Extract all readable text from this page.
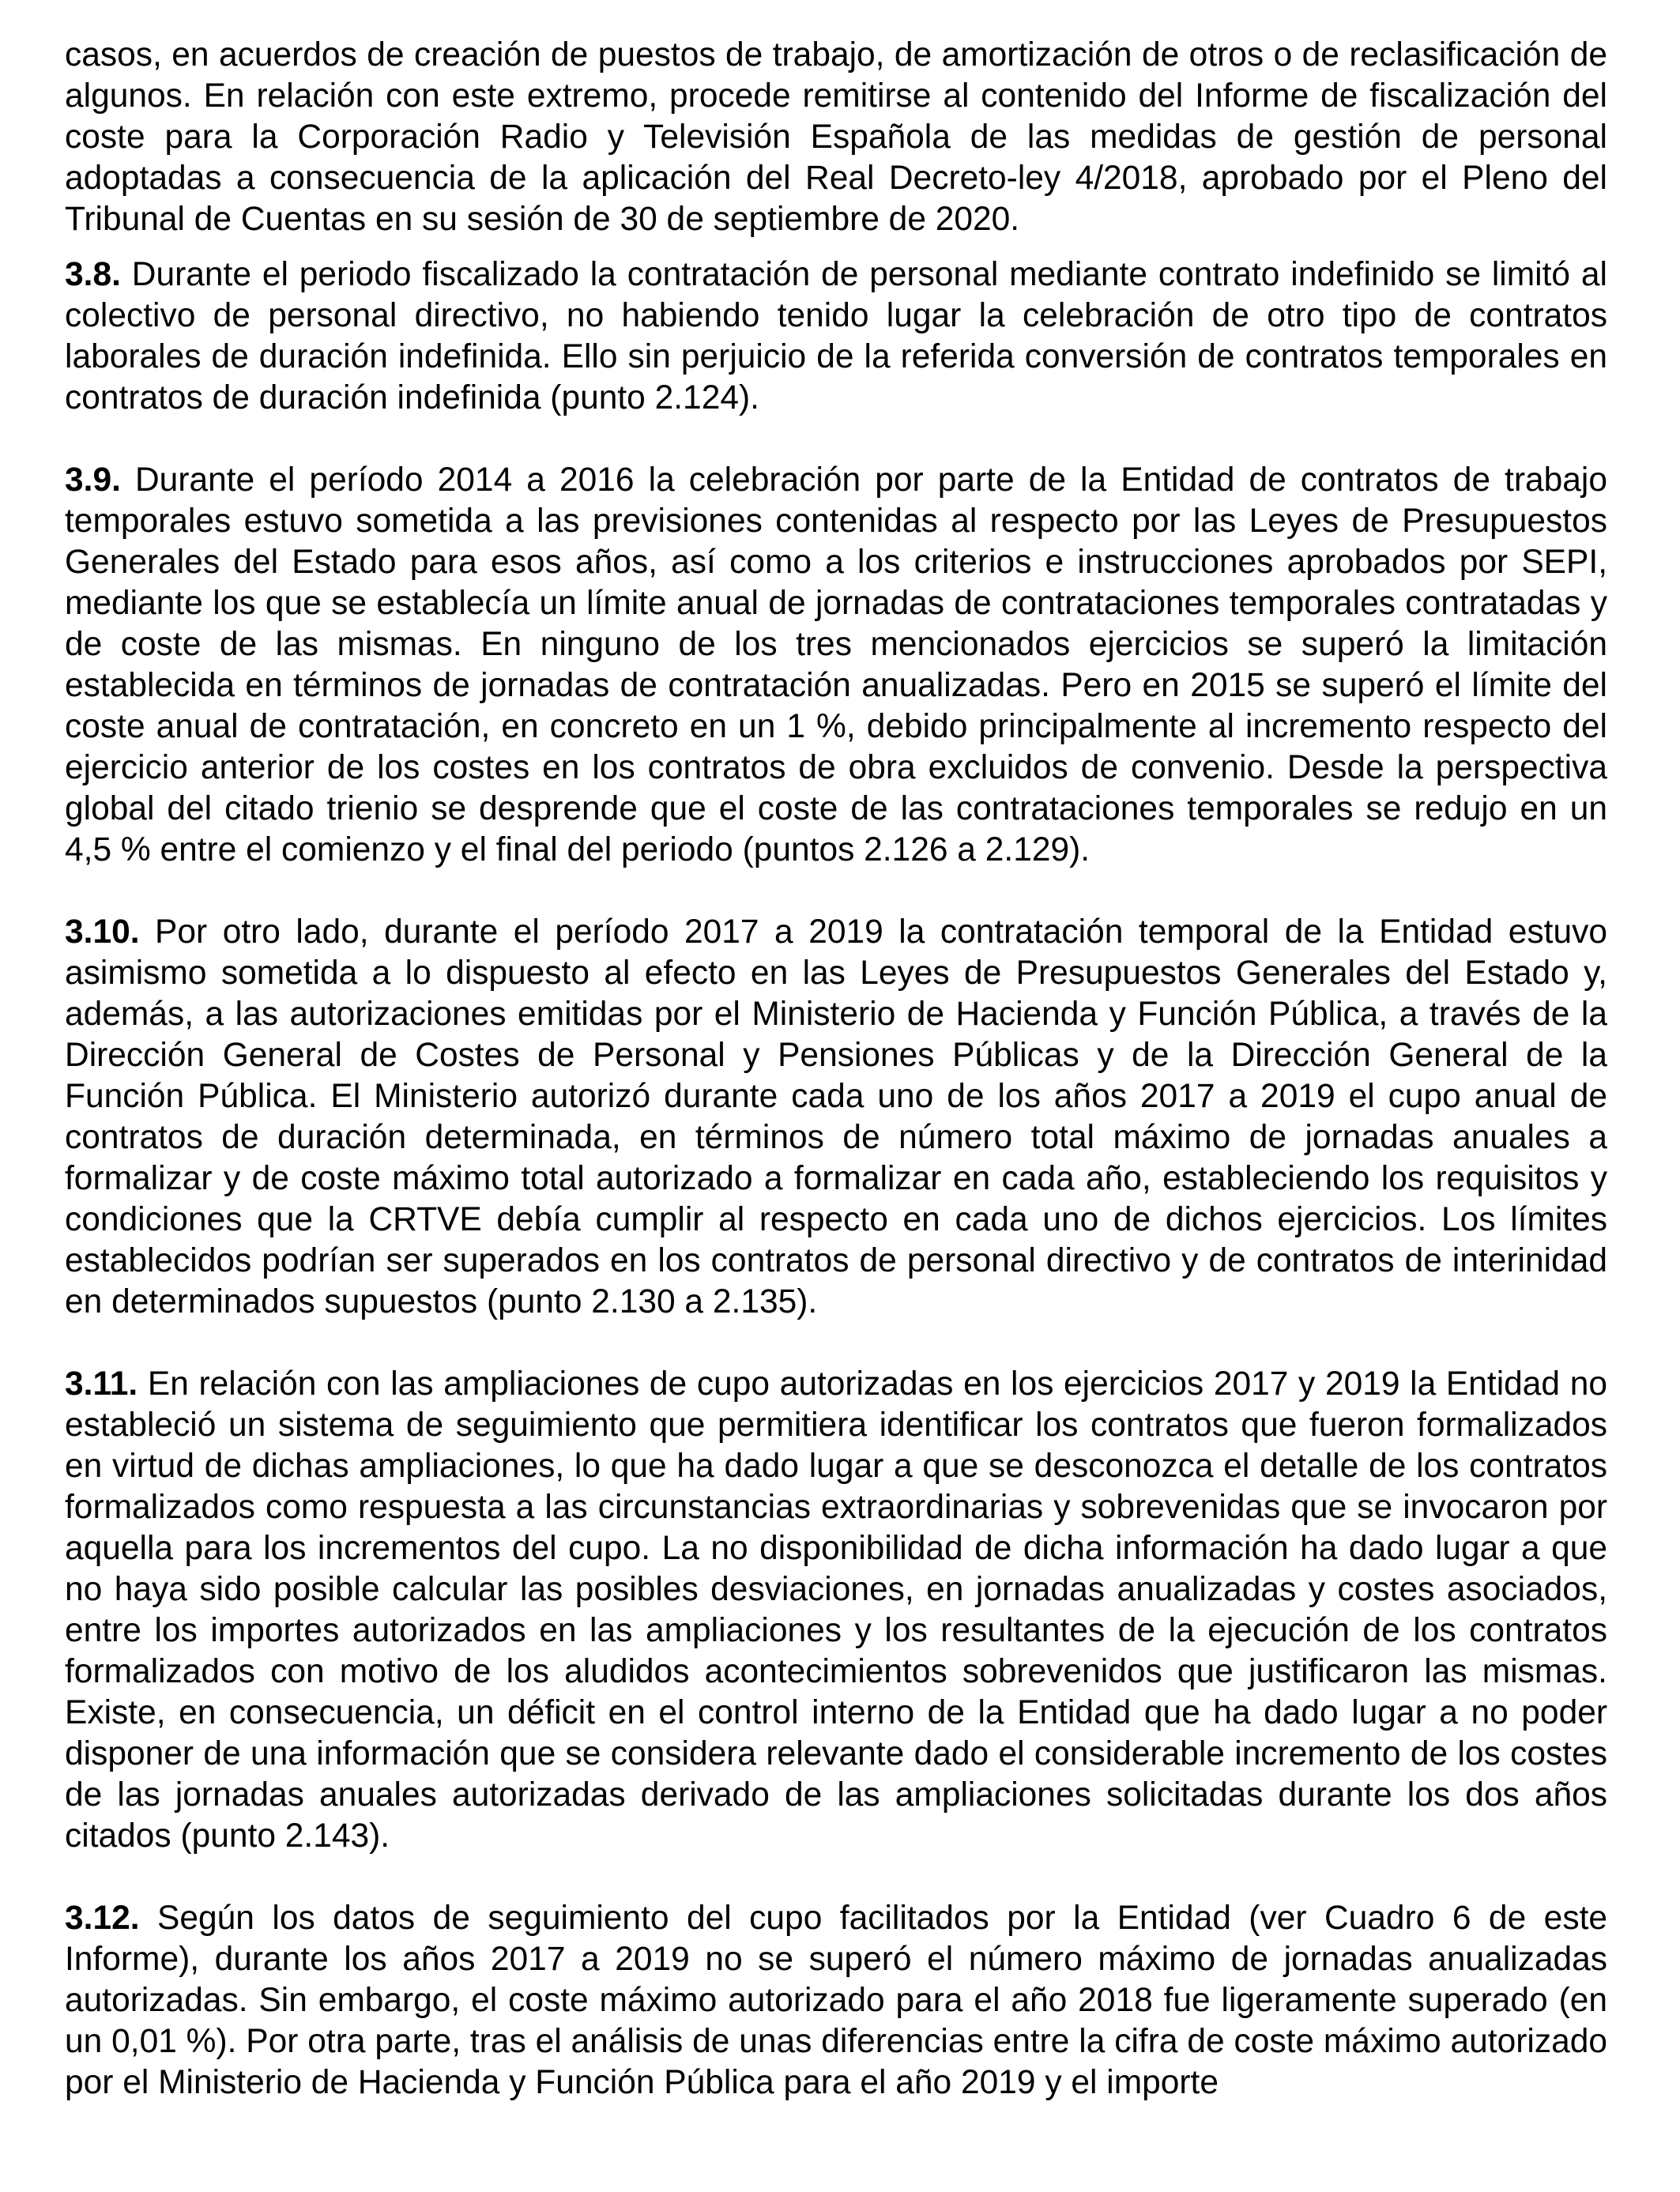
casos, en acuerdos de creación de puestos de trabajo, de amortización de otros o de reclasificación de algunos. En relación con este extremo, procede remitirse al contenido del Informe de fiscalización del coste para la Corporación Radio y Televisión Española de las medidas de gestión de personal adoptadas a consecuencia de la aplicación del Real Decreto-ley 4/2018, aprobado por el Pleno del Tribunal de Cuentas en su sesión de 30 de septiembre de 2020.

3.8. Durante el periodo fiscalizado la contratación de personal mediante contrato indefinido se limitó al colectivo de personal directivo, no habiendo tenido lugar la celebración de otro tipo de contratos laborales de duración indefinida. Ello sin perjuicio de la referida conversión de contratos temporales en contratos de duración indefinida (punto 2.124).

3.9. Durante el período 2014 a 2016 la celebración por parte de la Entidad de contratos de trabajo temporales estuvo sometida a las previsiones contenidas al respecto por las Leyes de Presupuestos Generales del Estado para esos años, así como a los criterios e instrucciones aprobados por SEPI, mediante los que se establecía un límite anual de jornadas de contrataciones temporales contratadas y de coste de las mismas. En ninguno de los tres mencionados ejercicios se superó la limitación establecida en términos de jornadas de contratación anualizadas. Pero en 2015 se superó el límite del coste anual de contratación, en concreto en un 1 %, debido principalmente al incremento respecto del ejercicio anterior de los costes en los contratos de obra excluidos de convenio. Desde la perspectiva global del citado trienio se desprende que el coste de las contrataciones temporales se redujo en un 4,5 % entre el comienzo y el final del periodo (puntos 2.126 a 2.129).

3.10. Por otro lado, durante el período 2017 a 2019 la contratación temporal de la Entidad estuvo asimismo sometida a lo dispuesto al efecto en las Leyes de Presupuestos Generales del Estado y, además, a las autorizaciones emitidas por el Ministerio de Hacienda y Función Pública, a través de la Dirección General de Costes de Personal y Pensiones Públicas y de la Dirección General de la Función Pública. El Ministerio autorizó durante cada uno de los años 2017 a 2019 el cupo anual de contratos de duración determinada, en términos de número total máximo de jornadas anuales a formalizar y de coste máximo total autorizado a formalizar en cada año, estableciendo los requisitos y condiciones que la CRTVE debía cumplir al respecto en cada uno de dichos ejercicios. Los límites establecidos podrían ser superados en los contratos de personal directivo y de contratos de interinidad en determinados supuestos (punto 2.130 a 2.135).

3.11. En relación con las ampliaciones de cupo autorizadas en los ejercicios 2017 y 2019 la Entidad no estableció un sistema de seguimiento que permitiera identificar los contratos que fueron formalizados en virtud de dichas ampliaciones, lo que ha dado lugar a que se desconozca el detalle de los contratos formalizados como respuesta a las circunstancias extraordinarias y sobrevenidas que se invocaron por aquella para los incrementos del cupo. La no disponibilidad de dicha información ha dado lugar a que no haya sido posible calcular las posibles desviaciones, en jornadas anualizadas y costes asociados, entre los importes autorizados en las ampliaciones y los resultantes de la ejecución de los contratos formalizados con motivo de los aludidos acontecimientos sobrevenidos que justificaron las mismas. Existe, en consecuencia, un déficit en el control interno de la Entidad que ha dado lugar a no poder disponer de una información que se considera relevante dado el considerable incremento de los costes de las jornadas anuales autorizadas derivado de las ampliaciones solicitadas durante los dos años citados (punto 2.143).

3.12. Según los datos de seguimiento del cupo facilitados por la Entidad (ver Cuadro 6 de este Informe), durante los años 2017 a 2019 no se superó el número máximo de jornadas anualizadas autorizadas. Sin embargo, el coste máximo autorizado para el año 2018 fue ligeramente superado (en un 0,01 %). Por otra parte, tras el análisis de unas diferencias entre la cifra de coste máximo autorizado por el Ministerio de Hacienda y Función Pública para el año 2019 y el importe
